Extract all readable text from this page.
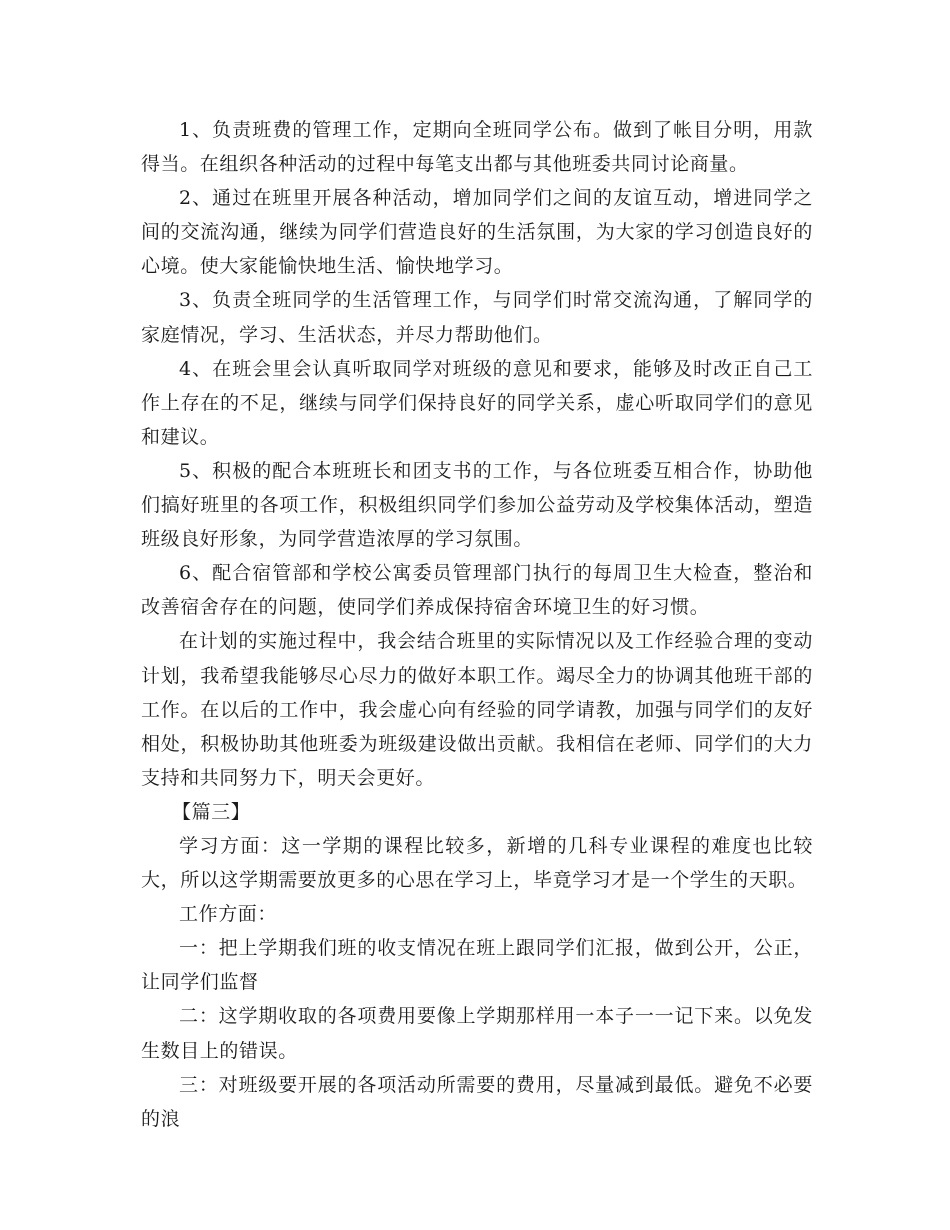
1、负责班费的管理工作，定期向全班同学公布。做到了帐目分明，用款得当。在组织各种活动的过程中每笔支出都与其他班委共同讨论商量。

2、通过在班里开展各种活动，增加同学们之间的友谊互动，增进同学之间的交流沟通，继续为同学们营造良好的生活氛围，为大家的学习创造良好的心境。使大家能愉快地生活、愉快地学习。

3、负责全班同学的生活管理工作，与同学们时常交流沟通，了解同学的家庭情况，学习、生活状态，并尽力帮助他们。

4、在班会里会认真听取同学对班级的意见和要求，能够及时改正自己工作上存在的不足，继续与同学们保持良好的同学关系，虚心听取同学们的意见和建议。

5、积极的配合本班班长和团支书的工作，与各位班委互相合作，协助他们搞好班里的各项工作，积极组织同学们参加公益劳动及学校集体活动，塑造班级良好形象，为同学营造浓厚的学习氛围。

6、配合宿管部和学校公寓委员管理部门执行的每周卫生大检查，整治和改善宿舍存在的问题，使同学们养成保持宿舍环境卫生的好习惯。

在计划的实施过程中，我会结合班里的实际情况以及工作经验合理的变动计划，我希望我能够尽心尽力的做好本职工作。竭尽全力的协调其他班干部的工作。在以后的工作中，我会虚心向有经验的同学请教，加强与同学们的友好相处，积极协助其他班委为班级建设做出贡献。我相信在老师、同学们的大力支持和共同努力下，明天会更好。

【篇三】

学习方面：这一学期的课程比较多，新增的几科专业课程的难度也比较大，所以这学期需要放更多的心思在学习上，毕竟学习才是一个学生的天职。

工作方面：

一：把上学期我们班的收支情况在班上跟同学们汇报，做到公开，公正，让同学们监督

二：这学期收取的各项费用要像上学期那样用一本子一一记下来。以免发生数目上的错误。

三：对班级要开展的各项活动所需要的费用，尽量减到最低。避免不必要的浪
